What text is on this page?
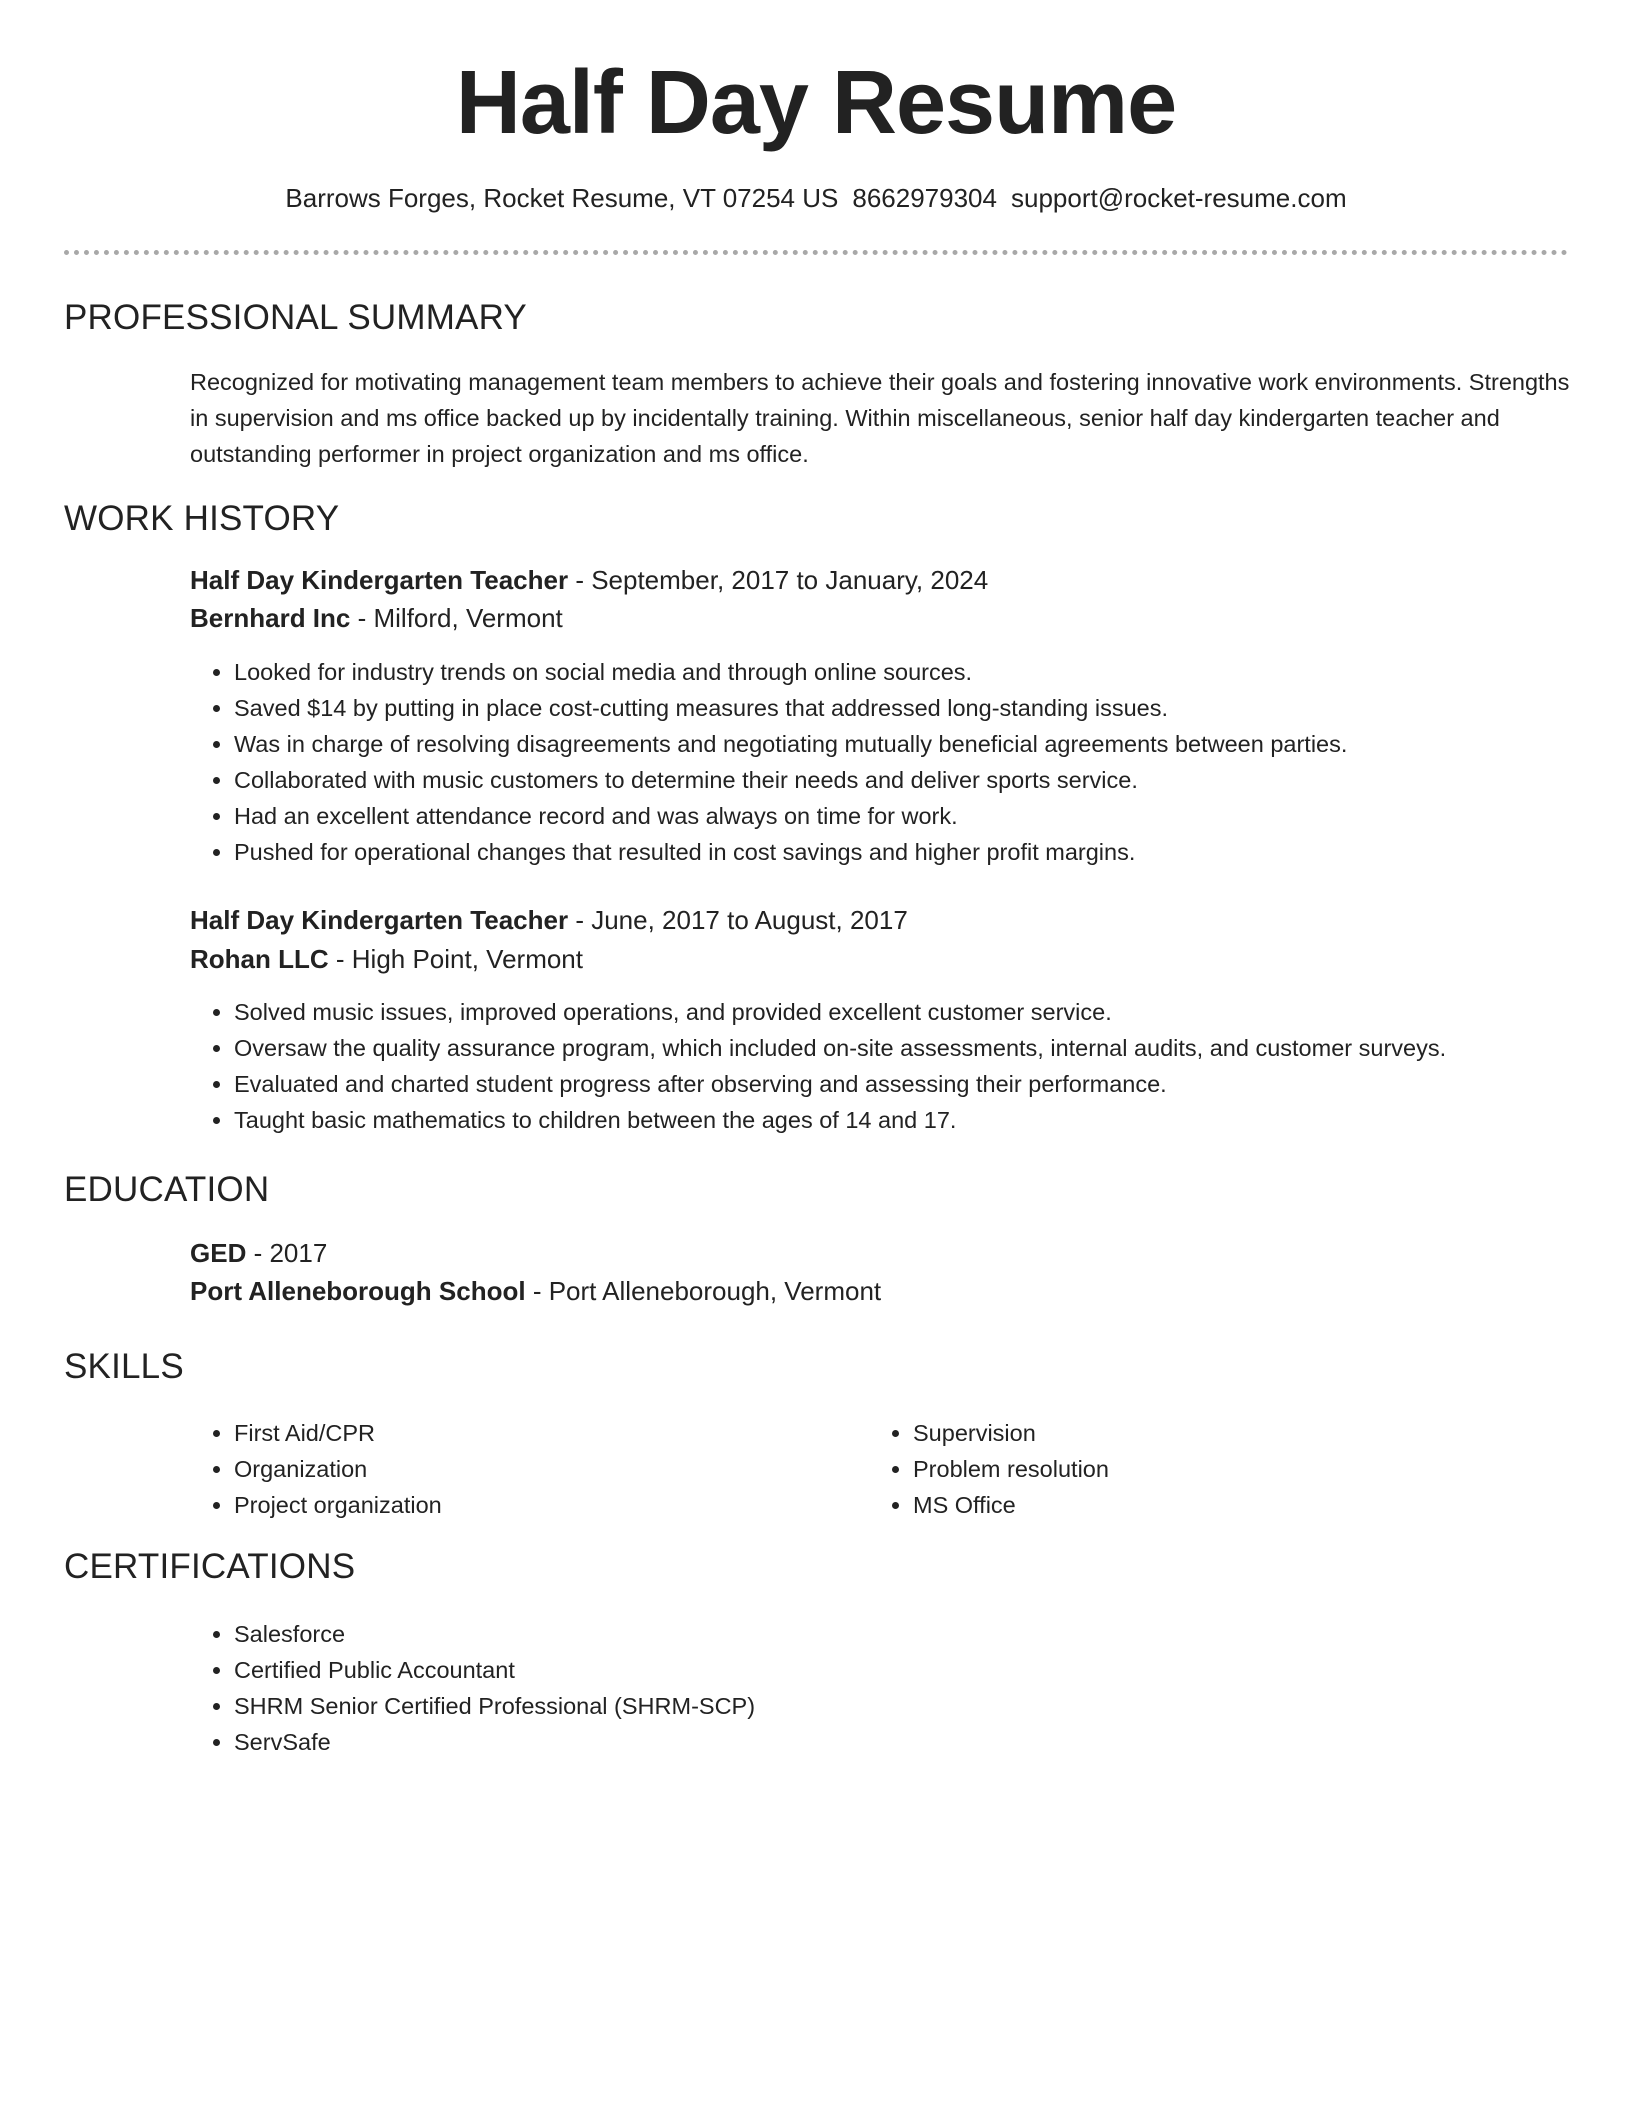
Half Day Resume
Barrows Forges, Rocket Resume, VT 07254 US 8662979304 support@rocket-resume.com
PROFESSIONAL SUMMARY
Recognized for motivating management team members to achieve their goals and fostering innovative work environments. Strengths in supervision and ms office backed up by incidentally training. Within miscellaneous, senior half day kindergarten teacher and outstanding performer in project organization and ms office.
WORK HISTORY
Half Day Kindergarten Teacher - September, 2017 to January, 2024
Bernhard Inc - Milford, Vermont
• Looked for industry trends on social media and through online sources.
• Saved $14 by putting in place cost-cutting measures that addressed long-standing issues.
• Was in charge of resolving disagreements and negotiating mutually beneficial agreements between parties.
• Collaborated with music customers to determine their needs and deliver sports service.
• Had an excellent attendance record and was always on time for work.
• Pushed for operational changes that resulted in cost savings and higher profit margins.
Half Day Kindergarten Teacher - June, 2017 to August, 2017
Rohan LLC - High Point, Vermont
• Solved music issues, improved operations, and provided excellent customer service.
• Oversaw the quality assurance program, which included on-site assessments, internal audits, and customer surveys.
• Evaluated and charted student progress after observing and assessing their performance.
• Taught basic mathematics to children between the ages of 14 and 17.
EDUCATION
GED - 2017
Port Alleneborough School - Port Alleneborough, Vermont
SKILLS
• First Aid/CPR
• Organization
• Project organization
• Supervision
• Problem resolution
• MS Office
CERTIFICATIONS
• Salesforce
• Certified Public Accountant
• SHRM Senior Certified Professional (SHRM-SCP)
• ServSafe
